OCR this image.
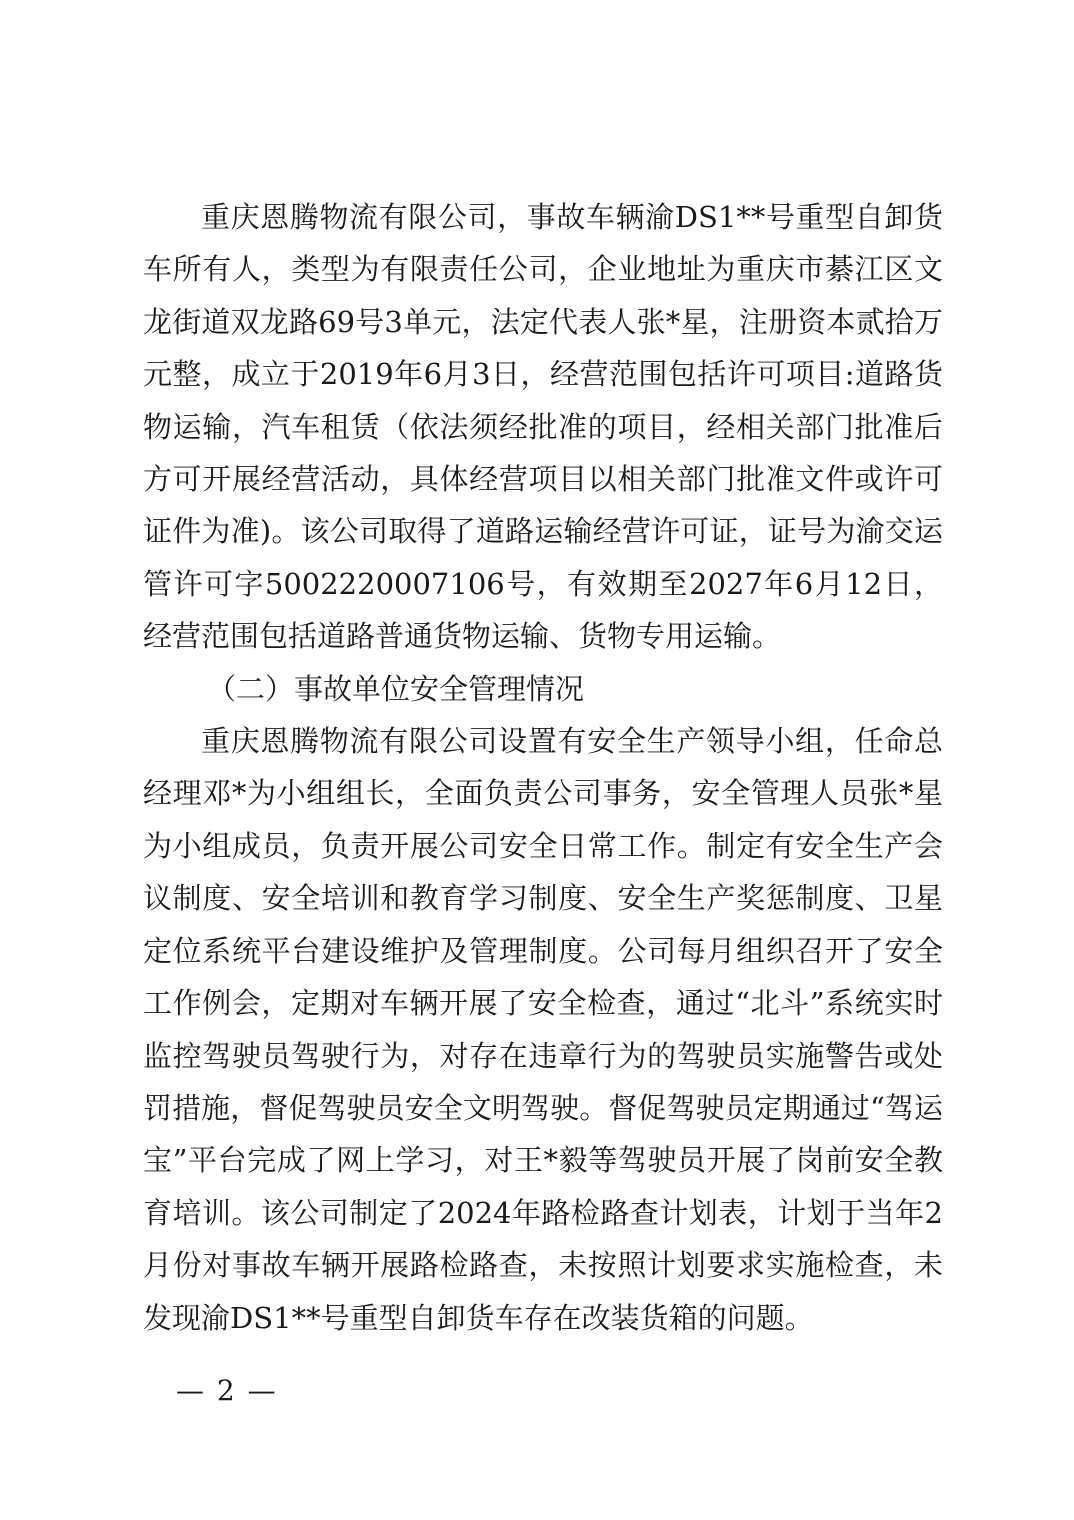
重庆恩腾物流有限公司，事故车辆渝DS1**号重型自卸货车所有人，类型为有限责任公司，企业地址为重庆市綦江区文龙街道双龙路69号3单元，法定代表人张*星，注册资本贰拾万元整，成立于2019年6月3日，经营范围包括许可项目:道路货物运输，汽车租赁（依法须经批准的项目，经相关部门批准后方可开展经营活动，具体经营项目以相关部门批准文件或许可证件为准)。该公司取得了道路运输经营许可证，证号为渝交运管许可字5002220007106号，有效期至2027年6月12日，经营范围包括道路普通货物运输、货物专用运输。

（二）事故单位安全管理情况

重庆恩腾物流有限公司设置有安全生产领导小组，任命总经理邓*为小组组长，全面负责公司事务，安全管理人员张*星为小组成员，负责开展公司安全日常工作。制定有安全生产会议制度、安全培训和教育学习制度、安全生产奖惩制度、卫星定位系统平台建设维护及管理制度。公司每月组织召开了安全工作例会，定期对车辆开展了安全检查，通过“北斗”系统实时监控驾驶员驾驶行为，对存在违章行为的驾驶员实施警告或处罚措施，督促驾驶员安全文明驾驶。督促驾驶员定期通过“驾运宝”平台完成了网上学习，对王*毅等驾驶员开展了岗前安全教育培训。该公司制定了2024年路检路查计划表，计划于当年2月份对事故车辆开展路检路查，未按照计划要求实施检查，未发现渝DS1**号重型自卸货车存在改装货箱的问题。

— 2 —
